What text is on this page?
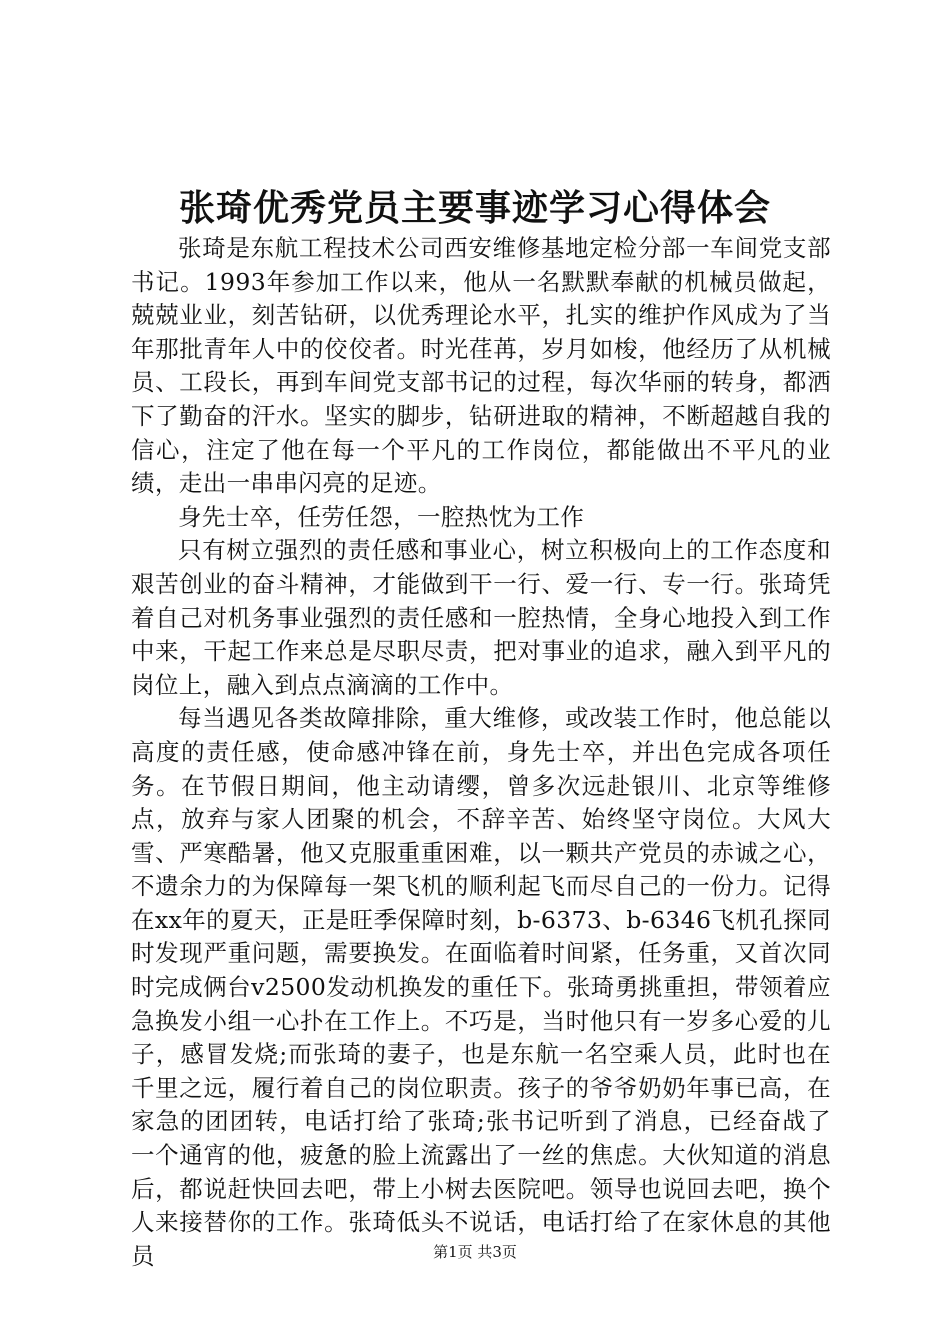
张琦优秀党员主要事迹学习心得体会

张琦是东航工程技术公司西安维修基地定检分部一车间党支部书记。1993年参加工作以来，他从一名默默奉献的机械员做起，兢兢业业，刻苦钻研，以优秀理论水平，扎实的维护作风成为了当年那批青年人中的佼佼者。时光荏苒，岁月如梭，他经历了从机械员、工段长，再到车间党支部书记的过程，每次华丽的转身，都洒下了勤奋的汗水。坚实的脚步，钻研进取的精神，不断超越自我的信心，注定了他在每一个平凡的工作岗位，都能做出不平凡的业绩，走出一串串闪亮的足迹。

身先士卒，任劳任怨，一腔热忱为工作

只有树立强烈的责任感和事业心，树立积极向上的工作态度和艰苦创业的奋斗精神，才能做到干一行、爱一行、专一行。张琦凭着自己对机务事业强烈的责任感和一腔热情，全身心地投入到工作中来，干起工作来总是尽职尽责，把对事业的追求，融入到平凡的岗位上，融入到点点滴滴的工作中。

每当遇见各类故障排除，重大维修，或改装工作时，他总能以高度的责任感，使命感冲锋在前，身先士卒，并出色完成各项任务。在节假日期间，他主动请缨，曾多次远赴银川、北京等维修点，放弃与家人团聚的机会，不辞辛苦、始终坚守岗位。大风大雪、严寒酷暑，他又克服重重困难，以一颗共产党员的赤诚之心，不遗余力的为保障每一架飞机的顺利起飞而尽自己的一份力。记得在xx年的夏天，正是旺季保障时刻，b-6373、b-6346飞机孔探同时发现严重问题，需要换发。在面临着时间紧，任务重，又首次同时完成俩台v2500发动机换发的重任下。张琦勇挑重担，带领着应急换发小组一心扑在工作上。不巧是，当时他只有一岁多心爱的儿子，感冒发烧;而张琦的妻子，也是东航一名空乘人员，此时也在千里之远，履行着自己的岗位职责。孩子的爷爷奶奶年事已高，在家急的团团转，电话打给了张琦;张书记听到了消息，已经奋战了一个通宵的他，疲惫的脸上流露出了一丝的焦虑。大伙知道的消息后，都说赶快回去吧，带上小树去医院吧。领导也说回去吧，换个人来接替你的工作。张琦低头不说话，电话打给了在家休息的其他员	第1页 共3页
